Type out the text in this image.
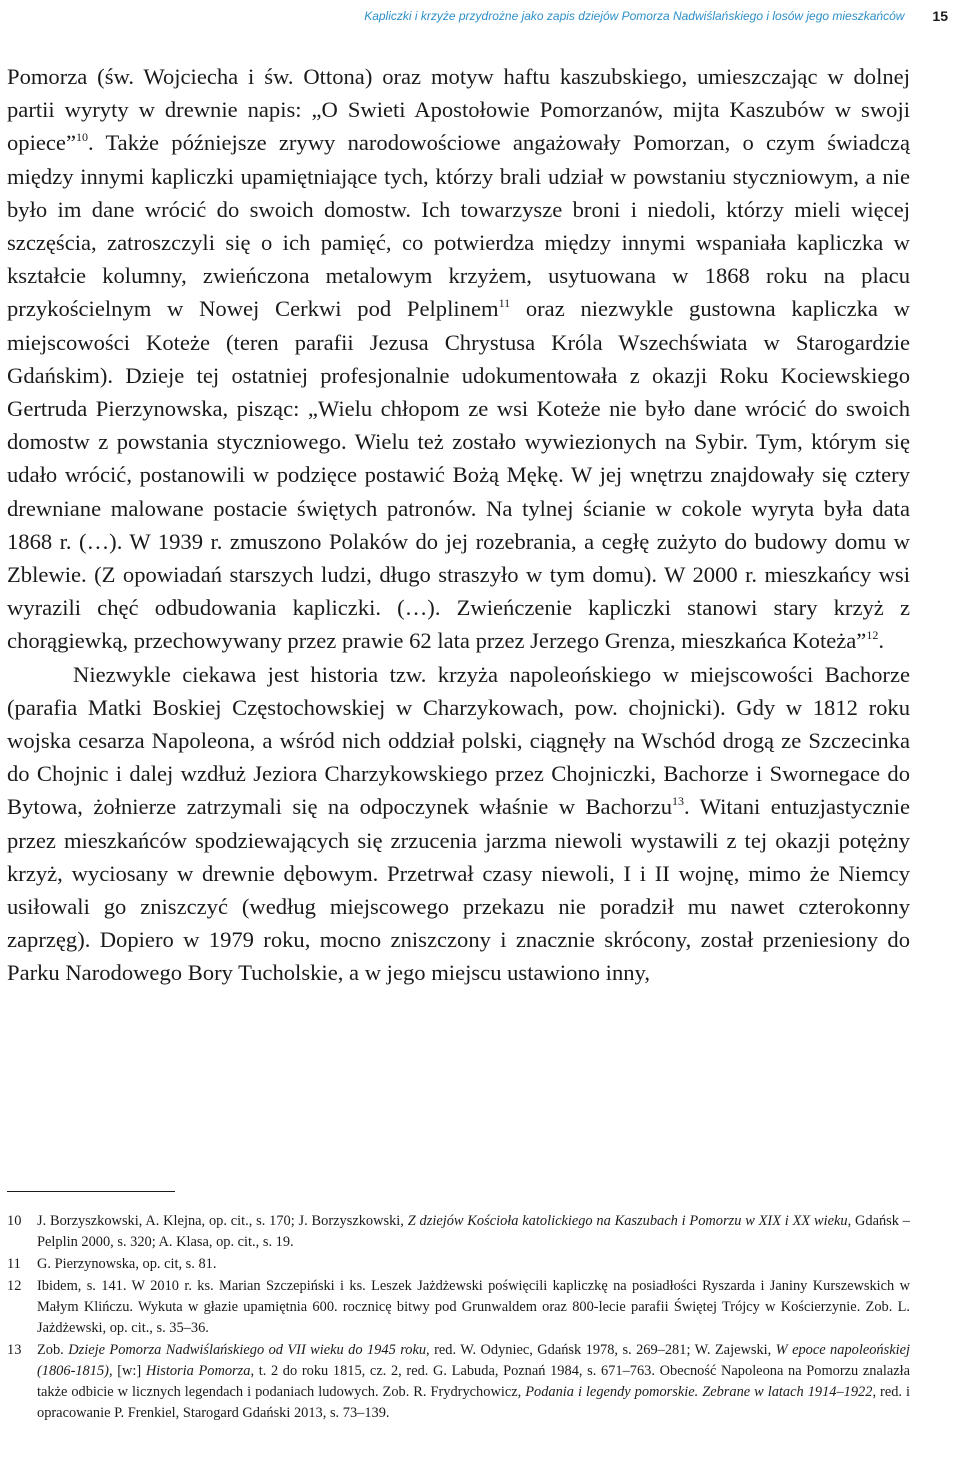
Kapliczki i krzyże przydrożne jako zapis dziejów Pomorza Nadwiślańskiego i losów jego mieszkańców 15

Pomorza (św. Wojciecha i św. Ottona) oraz motyw haftu kaszubskiego, umieszczając w dolnej partii wyryty w drewnie napis: „O Swieti Apostołowie Pomorzanów, mijta Kaszubów w swoji opiece”$^{10}$. Także późniejsze zrywy narodowościowe angażowały Pomorzan, o czym świadczą między innymi kapliczki upamiętniające tych, którzy brali udział w powstaniu styczniowym, a nie było im dane wrócić do swoich domostw. Ich towarzysze broni i niedoli, którzy mieli więcej szczęścia, zatroszczyli się o ich pamięć, co potwierdza między innymi wspaniała kapliczka w kształcie kolumny, zwieńczona metalowym krzyżem, usytuowana w 1868 roku na placu przykościelnym w Nowej Cerkwi pod Pelplinem$^{11}$ oraz niezwykle gustowna kapliczka w miejscowości Koteże (teren parafii Jezusa Chrystusa Króla Wszechświata w Starogardzie Gdańskim). Dzieje tej ostatniej profesjonalnie udokumentowała z okazji Roku Kociewskiego Gertruda Pierzynowska, pisząc: „Wielu chłopom ze wsi Koteże nie było dane wrócić do swoich domostw z powstania styczniowego. Wielu też zostało wywiezionych na Sybir. Tym, którym się udało wrócić, postanowili w podzięce postawić Bożą Mękę. W jej wnętrzu znajdowały się cztery drewniane malowane postacie świętych patronów. Na tylnej ścianie w cokole wyryta była data 1868 r. (…). W 1939 r. zmuszono Polaków do jej rozebrania, a cegłę zużyto do budowy domu w Zblewie. (Z opowiadań starszych ludzi, długo straszyło w tym domu). W 2000 r. mieszkańcy wsi wyrazili chęć odbudowania kapliczki. (…). Zwieńczenie kapliczki stanowi stary krzyż z chorągiewką, przechowywany przez prawie 62 lata przez Jerzego Grenza, mieszkańca Koteża”$^{12}$.

Niezwykle ciekawa jest historia tzw. krzyża napoleońskiego w miejscowości Bachorze (parafia Matki Boskiej Częstochowskiej w Charzykowach, pow. chojnicki). Gdy w 1812 roku wojska cesarza Napoleona, a wśród nich oddział polski, ciągnęły na Wschód drogą ze Szczecinka do Chojnic i dalej wzdłuż Jeziora Charzykowskiego przez Chojniczki, Bachorze i Swornegace do Bytowa, żołnierze zatrzymali się na odpoczynek właśnie w Bachorzu$^{13}$. Witani entuzjastycznie przez mieszkańców spodziewających się zrzucenia jarzma niewoli wystawili z tej okazji potężny krzyż, wyciosany w drewnie dębowym. Przetrwał czasy niewoli, I i II wojnę, mimo że Niemcy usiłowali go zniszczyć (według miejscowego przekazu nie poradził mu nawet czterokonny zaprzęg). Dopiero w 1979 roku, mocno zniszczony i znacznie skrócony, został przeniesiony do Parku Narodowego Bory Tucholskie, a w jego miejscu ustawiono inny,

10	J. Borzyszkowski, A. Klejna, op. cit., s. 170; J. Borzyszkowski, Z dziejów Kościoła katolickiego na Kaszubach i Pomorzu w XIX i XX wieku, Gdańsk – Pelplin 2000, s. 320; A. Klasa, op. cit., s. 19.
11	G. Pierzynowska, op. cit, s. 81.
12	Ibidem, s. 141. W 2010 r. ks. Marian Szczepiński i ks. Leszek Jażdżewski poświęcili kapliczkę na posiadłości Ryszarda i Janiny Kurszewskich w Małym Klińczu. Wykuta w głazie upamiętnia 600. rocznicę bitwy pod Grunwaldem oraz 800-lecie parafii Świętej Trójcy w Kościerzynie. Zob. L. Jażdżewski, op. cit., s. 35–36.
13	Zob. Dzieje Pomorza Nadwiślańskiego od VII wieku do 1945 roku, red. W. Odyniec, Gdańsk 1978, s. 269–281; W. Zajewski, W epoce napoleońskiej (1806-1815), [w:] Historia Pomorza, t. 2 do roku 1815, cz. 2, red. G. Labuda, Poznań 1984, s. 671–763. Obecność Napoleona na Pomorzu znalazła także odbicie w licznych legendach i podaniach ludowych. Zob. R. Frydrychowicz, Podania i legendy pomorskie. Zebrane w latach 1914–1922, red. i opracowanie P. Frenkiel, Starogard Gdański 2013, s. 73–139.
